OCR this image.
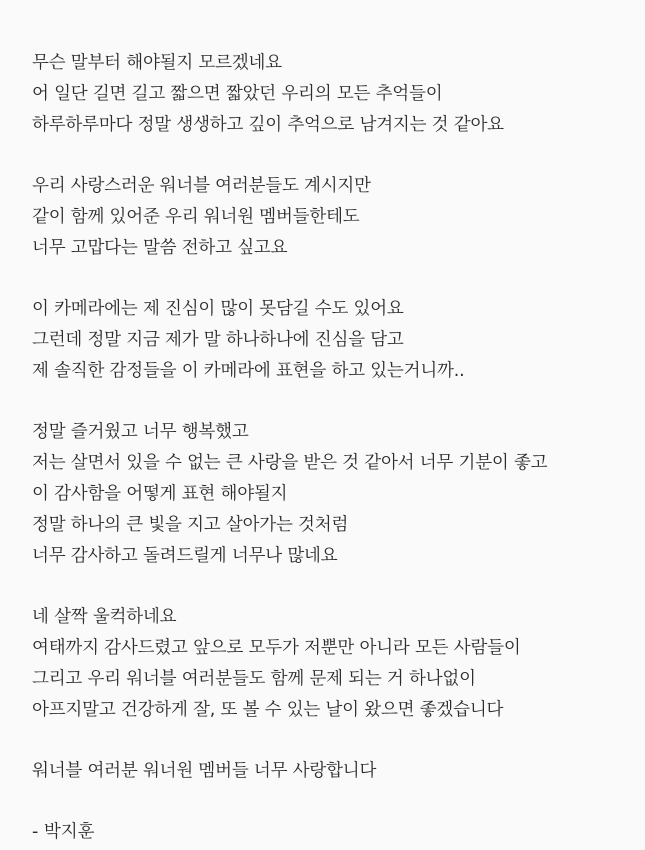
무슨 말부터 해야될지 모르겠네요
어 일단 길면 길고 짧으면 짧았던 우리의 모든 추억들이
하루하루마다 정말 생생하고 깊이 추억으로 남겨지는 것 같아요
우리 사랑스러운 워너블 여러분들도 계시지만
같이 함께 있어준 우리 워너원 멤버들한테도
너무 고맙다는 말씀 전하고 싶고요
이 카메라에는 제 진심이 많이 못담길 수도 있어요
그런데 정말 지금 제가 말 하나하나에 진심을 담고
제 솔직한 감정들을 이 카메라에 표현을 하고 있는거니까..
정말 즐거웠고 너무 행복했고
저는 살면서 있을 수 없는 큰 사랑을 받은 것 같아서 너무 기분이 좋고
이 감사함을 어떻게 표현 해야될지
정말 하나의 큰 빛을 지고 살아가는 것처럼
너무 감사하고 돌려드릴게 너무나 많네요
네 살짝 울컥하네요
여태까지 감사드렸고 앞으로 모두가 저뿐만 아니라 모든 사람들이
그리고 우리 워너블 여러분들도 함께 문제 되는 거 하나없이
아프지말고 건강하게 잘, 또 볼 수 있는 날이 왔으면 좋겠습니다
워너블 여러분 워너원 멤버들 너무 사랑합니다
- 박지훈
